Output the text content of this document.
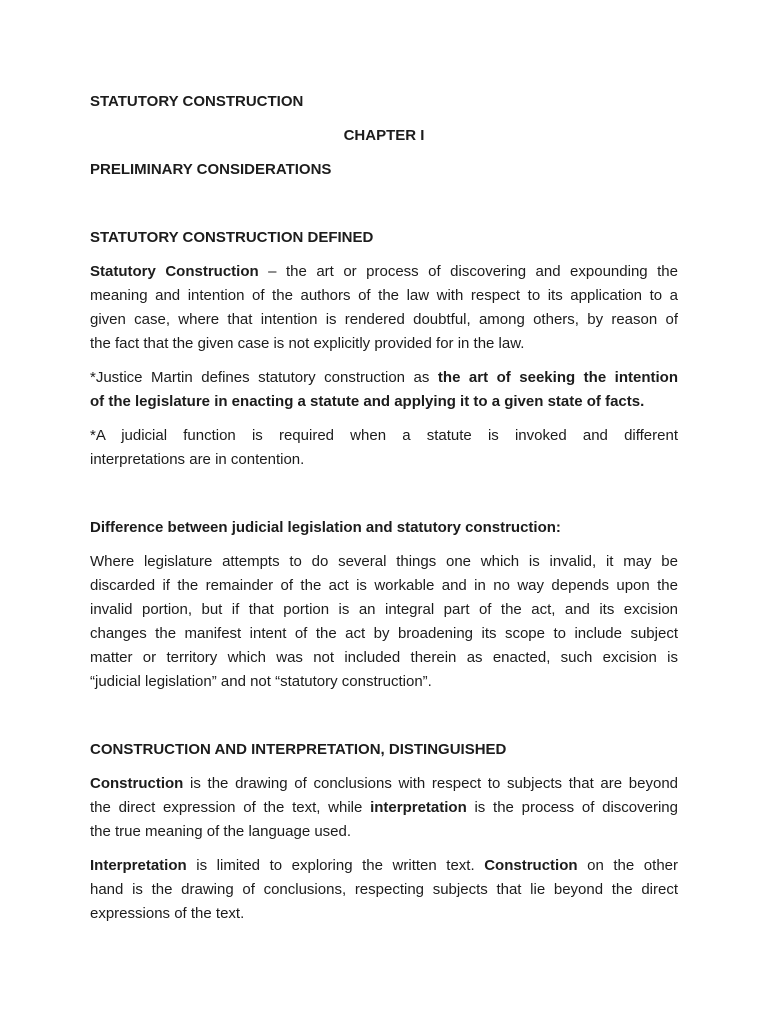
STATUTORY CONSTRUCTION
CHAPTER I
PRELIMINARY CONSIDERATIONS
STATUTORY CONSTRUCTION DEFINED

Statutory Construction – the art or process of discovering and expounding the
meaning and intention of the authors of the law with respect to its application to a
given case, where that intention is rendered doubtful, among others, by reason of
the fact that the given case is not explicitly provided for in the law.

*Justice Martin defines statutory construction as the art of seeking the intention
of the legislature in enacting a statute and applying it to a given state of facts.

*A judicial function is required when a statute is invoked and different
interpretations are in contention.

Difference between judicial legislation and statutory construction:

Where legislature attempts to do several things one which is invalid, it may be
discarded if the remainder of the act is workable and in no way depends upon the
invalid portion, but if that portion is an integral part of the act, and its excision
changes the manifest intent of the act by broadening its scope to include subject
matter or territory which was not included therein as enacted, such excision is
“judicial legislation” and not “statutory construction”.

CONSTRUCTION AND INTERPRETATION, DISTINGUISHED

Construction is the drawing of conclusions with respect to subjects that are beyond
the direct expression of the text, while interpretation is the process of discovering
the true meaning of the language used.

Interpretation is limited to exploring the written text. Construction on the other
hand is the drawing of conclusions, respecting subjects that lie beyond the direct
expressions of the text.
